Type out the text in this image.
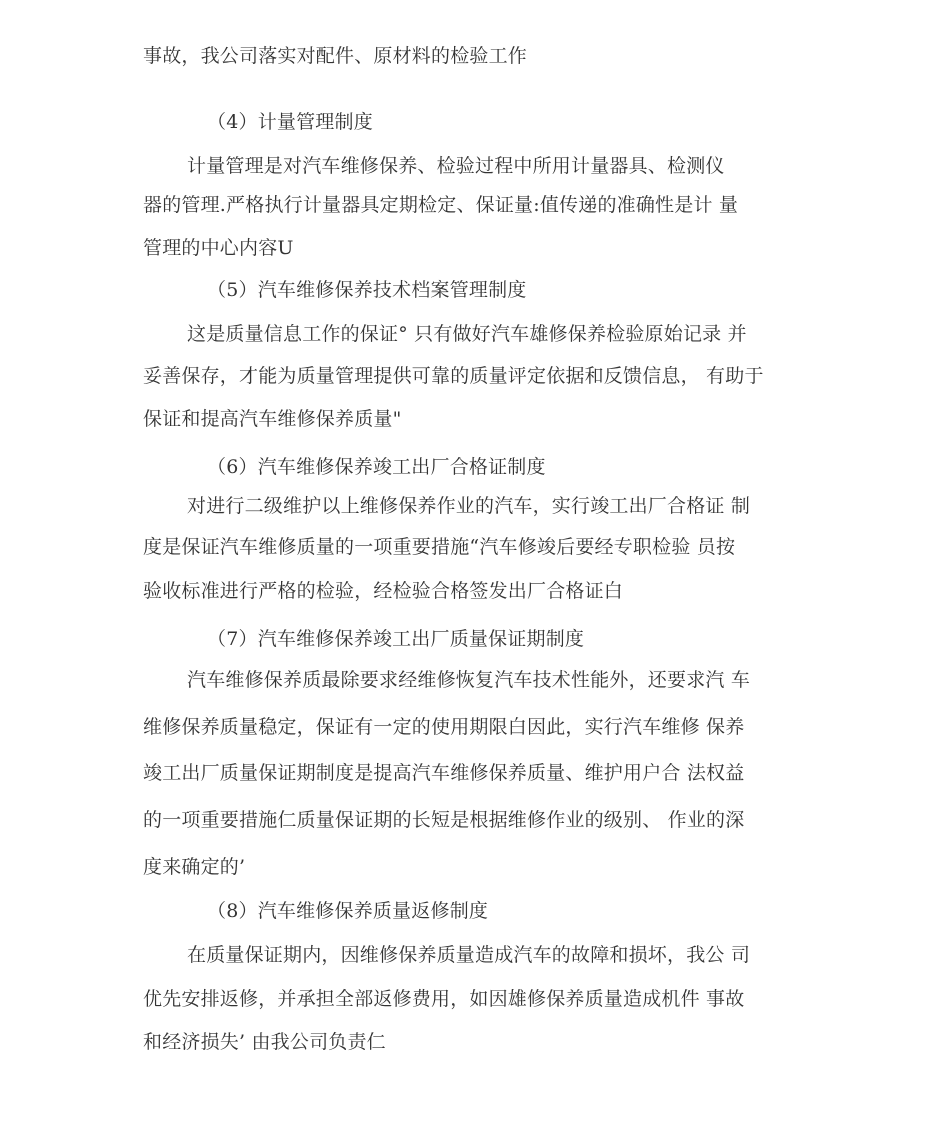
事故，我公司落实对配件、原材料的检验工作
（4）计量管理制度
计量管理是对汽车维修保养、检验过程中所用计量器具、检测仪
器的管理.严格执行计量器具定期检定、保证量:值传递的准确性是计 量
管理的中心内容U
（5）汽车维修保养技术档案管理制度
这是质量信息工作的保证° 只有做好汽车雄修保养检验原始记录 并
妥善保存，才能为质量管理提供可靠的质量评定依据和反馈信息， 有助于
保证和提高汽车维修保养质量"
（6）汽车维修保养竣工出厂合格证制度
对进行二级维护以上维修保养作业的汽车，实行竣工出厂合格证 制
度是保证汽车维修质量的一项重要措施“汽车修竣后要经专职检验 员按
验收标准进行严格的检验，经检验合格签发出厂合格证白
（7）汽车维修保养竣工出厂质量保证期制度
汽车维修保养质最除要求经维修恢复汽车技术性能外，还要求汽 车
维修保养质量稳定，保证有一定的使用期限白因此，实行汽车维修 保养
竣工出厂质量保证期制度是提高汽车维修保养质量、维护用户合 法权益
的一项重要措施仁质量保证期的长短是根据维修作业的级别、 作业的深
度来确定的’
（8）汽车维修保养质量返修制度
在质量保证期内，因维修保养质量造成汽车的故障和损坏，我公 司
优先安排返修，并承担全部返修费用，如因雄修保养质量造成机件 事故
和经济损失’ 由我公司负责仁
